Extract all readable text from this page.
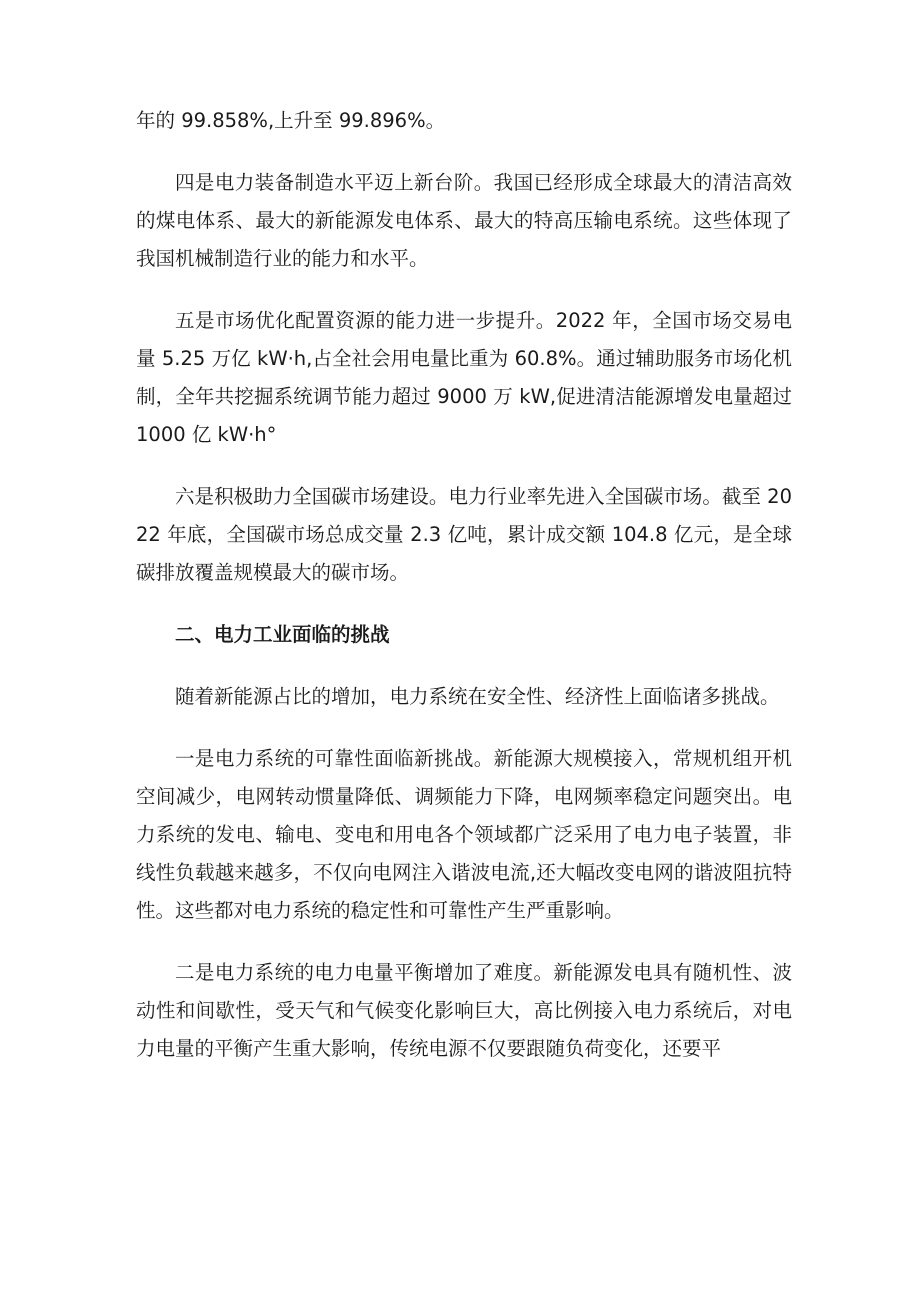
年的 99.858%,上升至 99.896%。

四是电力装备制造水平迈上新台阶。我国已经形成全球最大的清洁高效的煤电体系、最大的新能源发电体系、最大的特高压输电系统。这些体现了我国机械制造行业的能力和水平。

五是市场优化配置资源的能力进一步提升。2022 年，全国市场交易电量 5.25 万亿 kW·h,占全社会用电量比重为 60.8%。通过辅助服务市场化机制，全年共挖掘系统调节能力超过 9000 万 kW,促进清洁能源增发电量超过 1000 亿 kW·h°

六是积极助力全国碳市场建设。电力行业率先进入全国碳市场。截至 2022 年底，全国碳市场总成交量 2.3 亿吨，累计成交额 104.8 亿元，是全球碳排放覆盖规模最大的碳市场。

二、电力工业面临的挑战

随着新能源占比的增加，电力系统在安全性、经济性上面临诸多挑战。

一是电力系统的可靠性面临新挑战。新能源大规模接入，常规机组开机空间减少，电网转动惯量降低、调频能力下降，电网频率稳定问题突出。电力系统的发电、输电、变电和用电各个领域都广泛采用了电力电子装置，非线性负载越来越多，不仅向电网注入谐波电流,还大幅改变电网的谐波阻抗特性。这些都对电力系统的稳定性和可靠性产生严重影响。

二是电力系统的电力电量平衡增加了难度。新能源发电具有随机性、波动性和间歇性，受天气和气候变化影响巨大，高比例接入电力系统后，对电力电量的平衡产生重大影响，传统电源不仅要跟随负荷变化，还要平
